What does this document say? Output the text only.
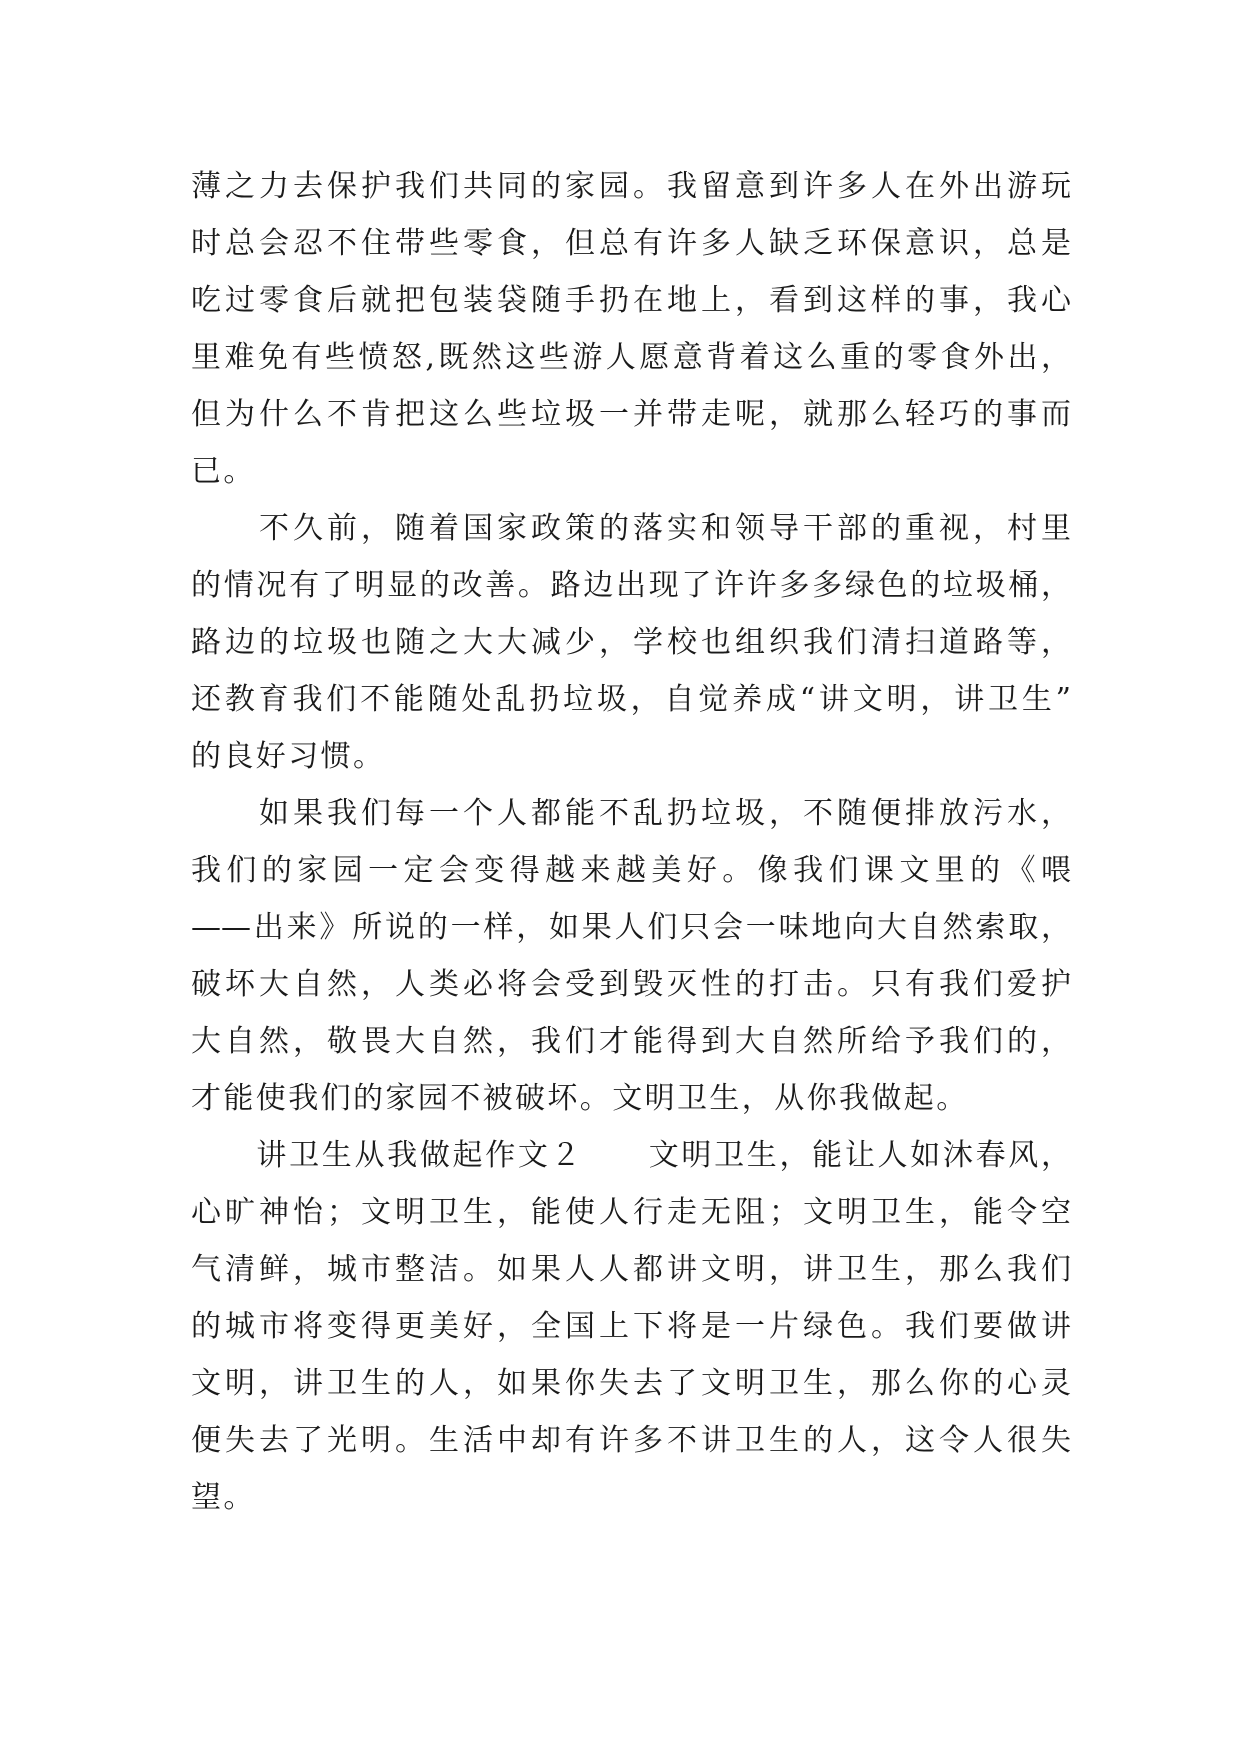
薄之力去保护我们共同的家园。我留意到许多人在外出游玩
时总会忍不住带些零食，但总有许多人缺乏环保意识，总是
吃过零食后就把包装袋随手扔在地上，看到这样的事，我心
里难免有些愤怒,既然这些游人愿意背着这么重的零食外出，
但为什么不肯把这么些垃圾一并带走呢，就那么轻巧的事而
已。
　　不久前，随着国家政策的落实和领导干部的重视，村里
的情况有了明显的改善。路边出现了许许多多绿色的垃圾桶，
路边的垃圾也随之大大减少，学校也组织我们清扫道路等，
还教育我们不能随处乱扔垃圾，自觉养成“讲文明，讲卫生”
的良好习惯。
　　如果我们每一个人都能不乱扔垃圾，不随便排放污水，
我们的家园一定会变得越来越美好。像我们课文里的《喂
——出来》所说的一样，如果人们只会一味地向大自然索取，
破坏大自然，人类必将会受到毁灭性的打击。只有我们爱护
大自然，敬畏大自然，我们才能得到大自然所给予我们的，
才能使我们的家园不被破坏。文明卫生，从你我做起。
　　讲卫生从我做起作文２　　文明卫生，能让人如沐春风，
心旷神怡；文明卫生，能使人行走无阻；文明卫生，能令空
气清鲜，城市整洁。如果人人都讲文明，讲卫生，那么我们
的城市将变得更美好，全国上下将是一片绿色。我们要做讲
文明，讲卫生的人，如果你失去了文明卫生，那么你的心灵
便失去了光明。生活中却有许多不讲卫生的人，这令人很失
望。
